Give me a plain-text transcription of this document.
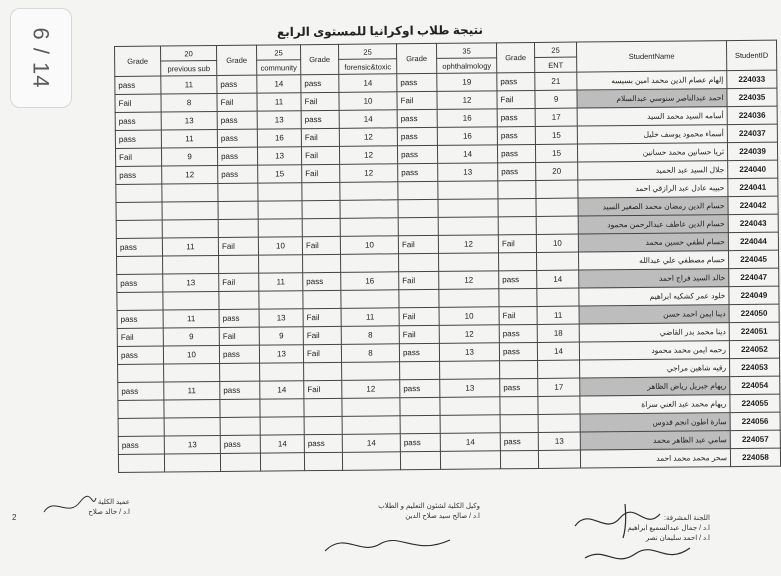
6 / 14	نتيجة طلاب اوكرانيا للمستوى الرابع
Grade	20	Grade	25	Grade	25	Grade	35	Grade	25	StudentName	StudentID
	previous sub		community		forensic&toxic		ophthalmology		ENT		
pass	11	pass	14	pass	14	pass	19	pass	21	إلهام عصام الدين محمد امين بسيسه	224033
Fail	8	Fail	11	Fail	10	Fail	12	Fail	9	احمد عبدالناصر سنوسي عبدالسلام	224035
pass	13	pass	13	pass	14	pass	16	pass	17	أسامه السيد محمد السيد	224036
pass	11	pass	16	Fail	12	pass	16	pass	15	أسماء محمود يوسف خليل	224037
Fail	9	pass	13	Fail	12	pass	14	pass	15	ثريا حسانين محمد حسانين	224039
pass	12	pass	15	Fail	12	pass	13	pass	20	جلال السيد عبد الحميد	224040
										حبيبه عادل عبد الرازقي احمد	224041
										حسام الدين رمضان محمد الصغير السيد	224042
										حسام الدين عاطف عبدالرحمن محمود	224043
pass	11	Fail	10	Fail	10	Fail	12	Fail	10	حسام لطفي حسين محمد	224044
										حسام مصطفي علي عبدالله	224045
pass	13	Fail	11	pass	16	Fail	12	pass	14	خالد السيد فراج احمد	224047
										خلود عمر كشكيه ابراهيم	224049
pass	11	pass	13	Fail	11	Fail	10	Fail	11	دينا ايمن احمد حسن	224050
Fail	9	Fail	9	Fail	8	Fail	12	pass	18	دينا محمد بدر القاضي	224051
pass	10	pass	13	Fail	8	pass	13	pass	14	رحمه ايمن محمد محمود	224052
										رقيه شاهين مراجي	224053
pass	11	pass	14	Fail	12	pass	13	pass	17	ريهام جبريل رياض الظاهر	224054
										ريهام محمد عبد الغني سراة	224055
										سارة اطون انجم قدوس	224056
pass	13	pass	14	pass	14	pass	14	pass	13	سامي عبد الظاهر محمد	224057
										سحر محمد محمد احمد	224058
اللجنة المشرفة:
ا.د / جمال عبدالسميع ابراهيم
ا.د / احمد سليمان نصر
وكيل الكلية لشئون التعليم و الطلاب
ا.د / صالح سيد صلاح الدين
عميد الكلية
ا.د / خالد صلاح
2
